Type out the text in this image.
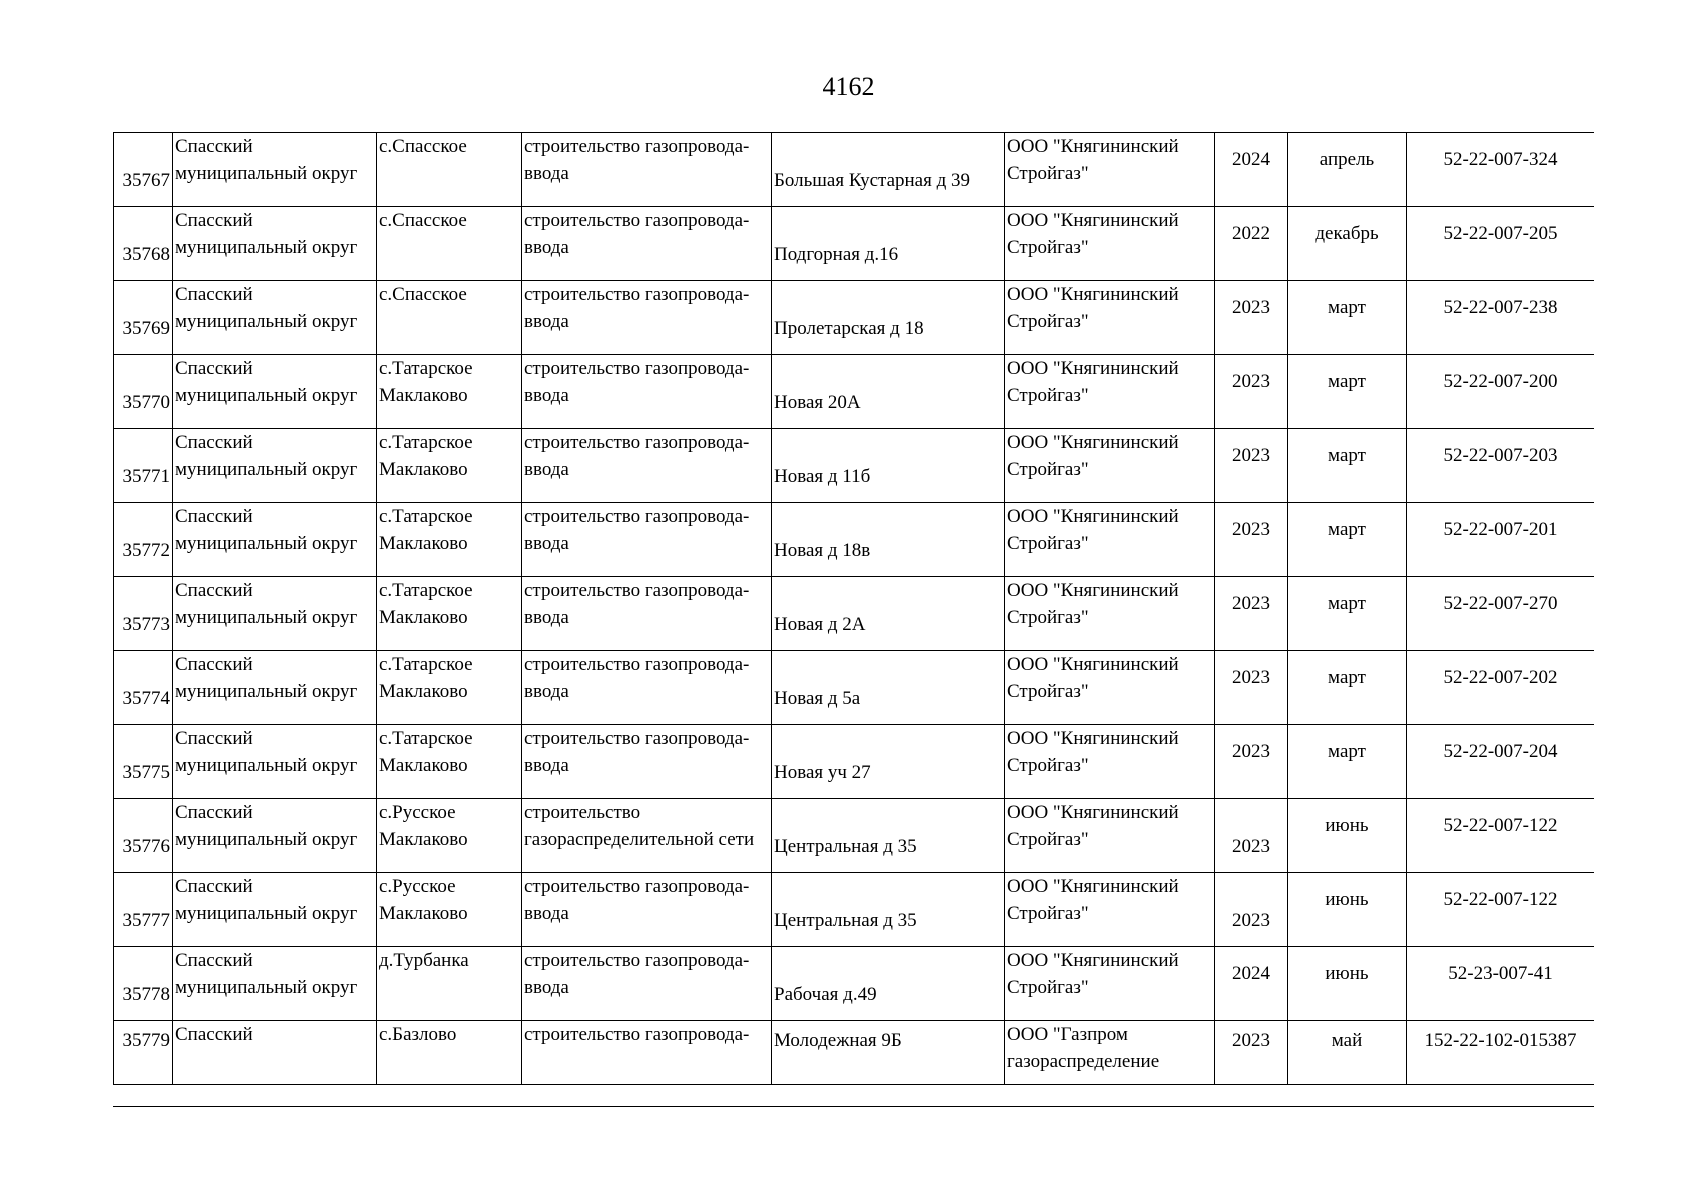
4162
35767	Спасский
муниципальный округ	с.Спасское	строительство газопровода-
ввода	Большая Кустарная д 39	ООО "Княгининский
Стройгаз"	2024	апрель	52-22-007-324

35768	Спасский
муниципальный округ	с.Спасское	строительство газопровода-
ввода	Подгорная д.16	ООО "Княгининский
Стройгаз"	2022	декабрь	52-22-007-205

35769	Спасский
муниципальный округ	с.Спасское	строительство газопровода-
ввода	Пролетарская д 18	ООО "Княгининский
Стройгаз"	2023	март	52-22-007-238

35770	Спасский
муниципальный округ	с.Татарское
Маклаково	строительство газопровода-
ввода	Новая 20А	ООО "Княгининский
Стройгаз"	2023	март	52-22-007-200

35771	Спасский
муниципальный округ	с.Татарское
Маклаково	строительство газопровода-
ввода	Новая д 11б	ООО "Княгининский
Стройгаз"	2023	март	52-22-007-203

35772	Спасский
муниципальный округ	с.Татарское
Маклаково	строительство газопровода-
ввода	Новая д 18в	ООО "Княгининский
Стройгаз"	2023	март	52-22-007-201

35773	Спасский
муниципальный округ	с.Татарское
Маклаково	строительство газопровода-
ввода	Новая д 2А	ООО "Княгининский
Стройгаз"	2023	март	52-22-007-270

35774	Спасский
муниципальный округ	с.Татарское
Маклаково	строительство газопровода-
ввода	Новая д 5а	ООО "Княгининский
Стройгаз"	2023	март	52-22-007-202

35775	Спасский
муниципальный округ	с.Татарское
Маклаково	строительство газопровода-
ввода	Новая уч 27	ООО "Княгининский
Стройгаз"	2023	март	52-22-007-204

35776	Спасский
муниципальный округ	с.Русское
Маклаково	строительство
газораспределительной сети	Центральная д 35	ООО "Княгининский
Стройгаз"	2023	июнь	52-22-007-122

35777	Спасский
муниципальный округ	с.Русское
Маклаково	строительство газопровода-
ввода	Центральная д 35	ООО "Княгининский
Стройгаз"	2023	июнь	52-22-007-122

35778	Спасский
муниципальный округ	д.Турбанка	строительство газопровода-
ввода	Рабочая д.49	ООО "Княгининский
Стройгаз"	2024	июнь	52-23-007-41

35779	Спасский	с.Базлово	строительство газопровода-	Молодежная 9Б	ООО "Газпром
газораспределение	2023	май	152-22-102-015387
